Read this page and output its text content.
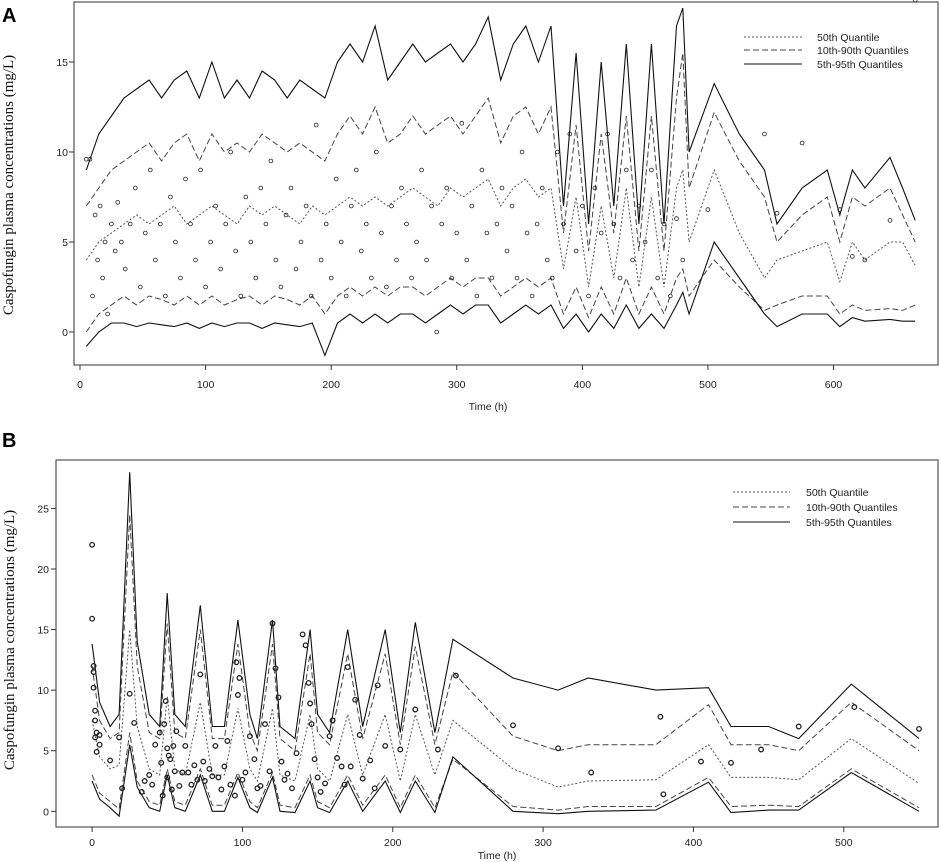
A
0	100	200	300	400	500	600
0
5
10
15
Time (h)
Caspofungin plasma concentrations (mg/L)
50th Quantile
10th-90th Quantiles
5th-95th Quantiles
B
0	100	200	300	400	500
0
5
10
15
20
25
Time (h)
Caspofungin plasma concentrations (mg/L)
50th Quantile
10th-90th Quantiles
5th-95th Quantiles
